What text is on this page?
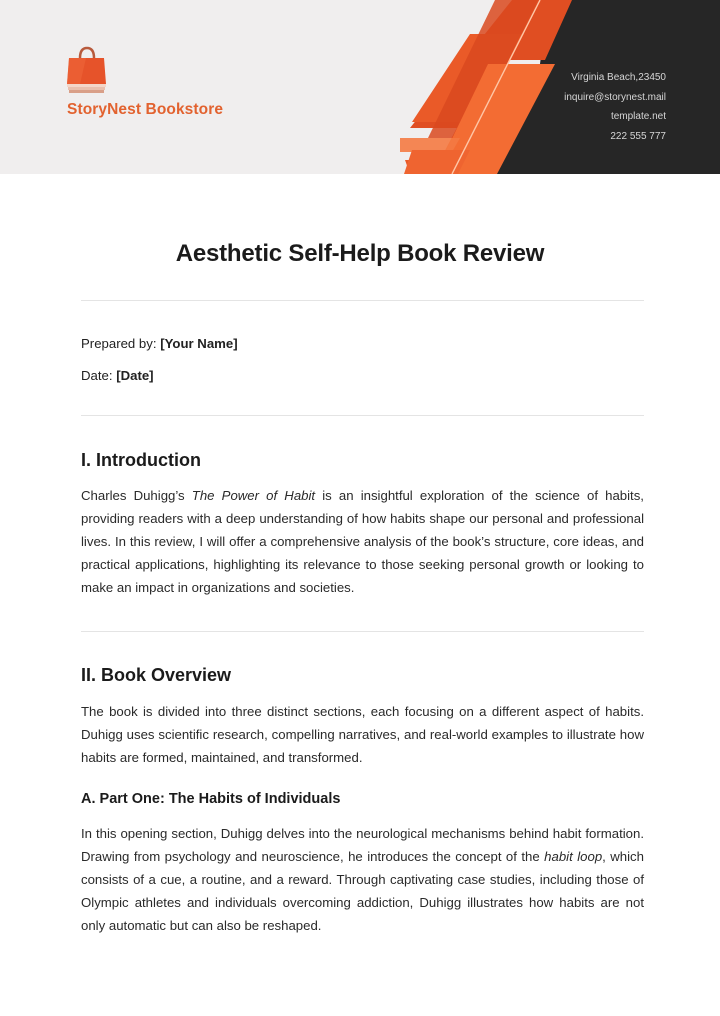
StoryNest Bookstore
Virginia Beach,23450
inquire@storynest.mail
template.net
222 555 777
Aesthetic Self-Help Book Review
Prepared by: [Your Name]
Date: [Date]
I. Introduction

Charles Duhigg’s The Power of Habit is an insightful exploration of the science of habits, providing readers with a deep understanding of how habits shape our personal and professional lives. In this review, I will offer a comprehensive analysis of the book’s structure, core ideas, and practical applications, highlighting its relevance to those seeking personal growth or looking to make an impact in organizations and societies.

II. Book Overview

The book is divided into three distinct sections, each focusing on a different aspect of habits. Duhigg uses scientific research, compelling narratives, and real-world examples to illustrate how habits are formed, maintained, and transformed.

A. Part One: The Habits of Individuals

In this opening section, Duhigg delves into the neurological mechanisms behind habit formation. Drawing from psychology and neuroscience, he introduces the concept of the habit loop, which consists of a cue, a routine, and a reward. Through captivating case studies, including those of Olympic athletes and individuals overcoming addiction, Duhigg illustrates how habits are not only automatic but can also be reshaped.
